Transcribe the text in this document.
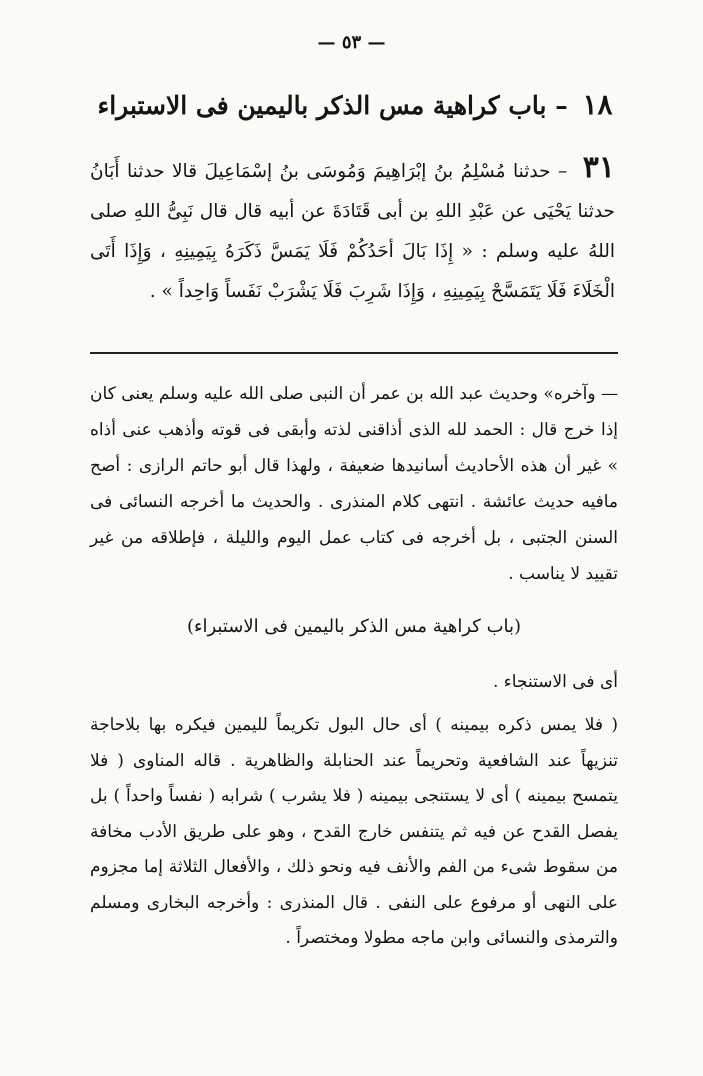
— ٥٣ —
١٨ – باب كراهية مس الذكر باليمين فى الاستبراء
٣١ – حدثنا مُسْلِمُ بنُ إبْرَاهِيمَ وَمُوسَى بنُ إسْمَاعِيلَ قالا حدثنا أَبَانُ حدثنا يَحْيَى عن عَبْدِ اللهِ بن أبى قَتَادَةَ عن أبيه قال قال نَبِىُّ اللهِ صلى اللهُ عليه وسلم : « إِذَا بَالَ أحَدُكُمْ فَلَا يَمَسَّ ذَكَرَهُ بِيَمِينِهِ ، وَإِذَا أَتَى الْخَلَاءَ فَلَا يَتَمَسَّحْ بِيَمِينِهِ ، وَإِذَا شَرِبَ فَلَا يَشْرَبْ نَفَساً وَاحِداً » .
— وآخره» وحديث عبد الله بن عمر أن النبى صلى الله عليه وسلم يعنى كان إذا خرج قال : الحمد لله الذى أذاقنى لذته وأبقى فى قوته وأذهب عنى أذاه » غير أن هذه الأحاديث أسانيدها ضعيفة ، ولهذا قال أبو حاتم الرازى : أصح مافيه حديث عائشة . انتهى كلام المنذرى . والحديث ما أخرجه النسائى فى السنن الجتبى ، بل أخرجه فى كتاب عمل اليوم والليلة ، فإطلاقه من غير تقييد لا يناسب .
(باب كراهية مس الذكر باليمين فى الاستبراء)
أى فى الاستنجاء .
( فلا يمس ذكره بيمينه ) أى حال البول تكريماً لليمين فيكره بها بلاحاجة تنزيهاً عند الشافعية وتحريماً عند الحنابلة والظاهرية . قاله المناوى ( فلا يتمسح بيمينه ) أى لا يستنجى بيمينه ( فلا يشرب ) شرابه ( نفساً واحداً ) بل يفصل القدح عن فيه ثم يتنفس خارج القدح ، وهو على طريق الأدب مخافة من سقوط شىء من الفم والأنف فيه ونحو ذلك ، والأفعال الثلاثة إما مجزوم على النهى أو مرفوع على النفى . قال المنذرى : وأخرجه البخارى ومسلم والترمذى والنسائى وابن ماجه مطولا ومختصراً .
